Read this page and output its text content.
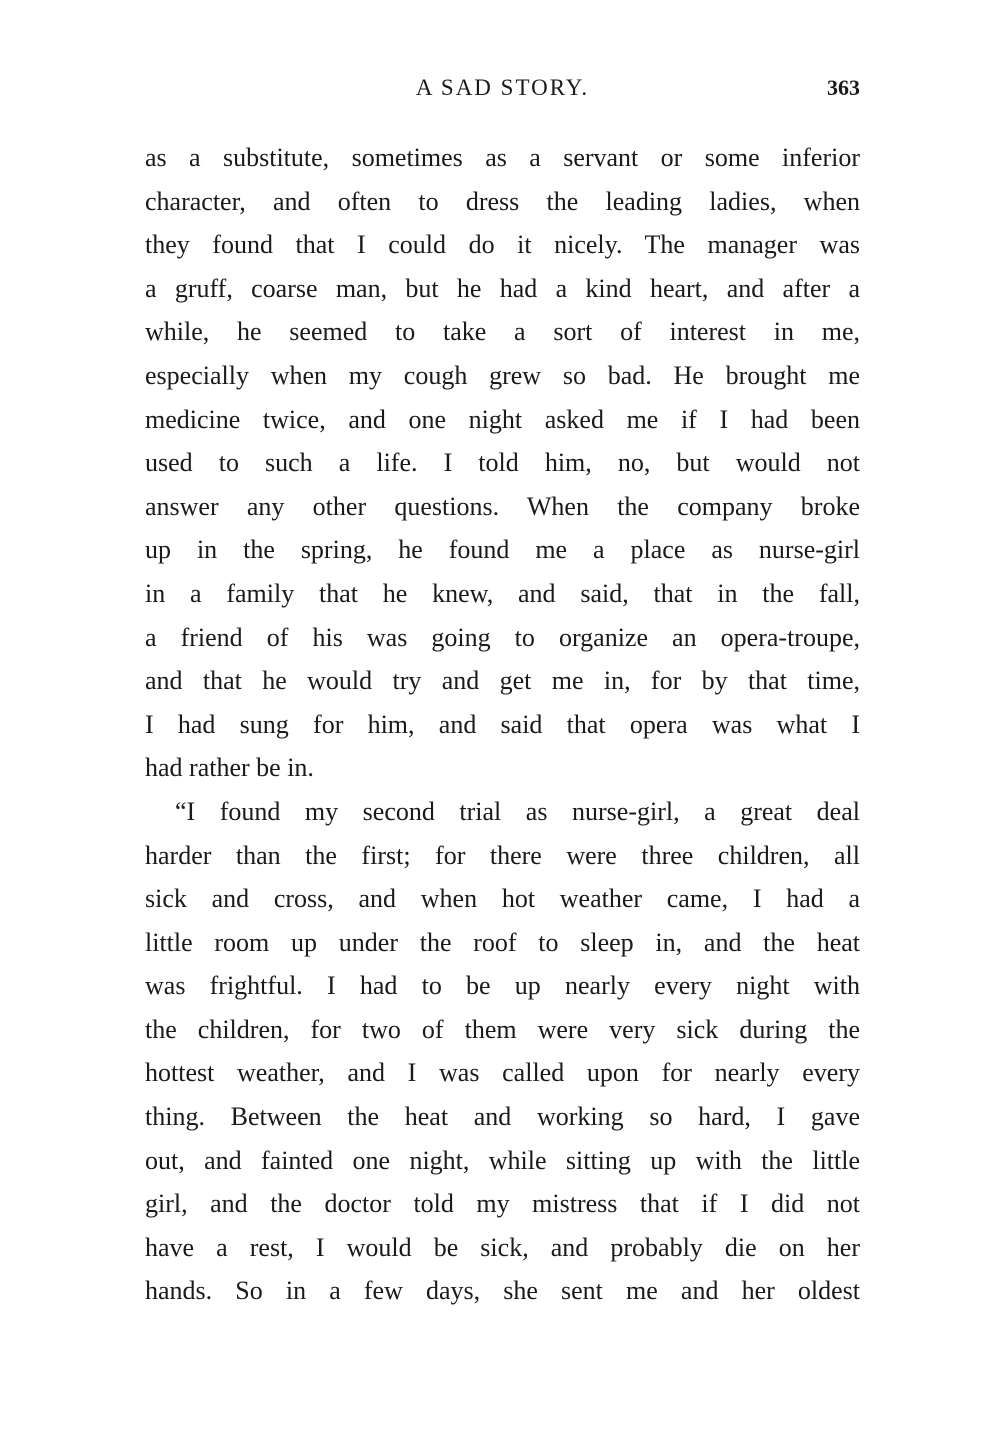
A SAD STORY.	363
as a substitute, sometimes as a servant or some inferior
character, and often to dress the leading ladies, when
they found that I could do it nicely. The manager was
a gruff, coarse man, but he had a kind heart, and after a
while, he seemed to take a sort of interest in me,
especially when my cough grew so bad. He brought me
medicine twice, and one night asked me if I had been
used to such a life. I told him, no, but would not
answer any other questions. When the company broke
up in the spring, he found me a place as nurse-girl
in a family that he knew, and said, that in the fall,
a friend of his was going to organize an opera-troupe,
and that he would try and get me in, for by that time,
I had sung for him, and said that opera was what I
had rather be in.
“I found my second trial as nurse-girl, a great deal
harder than the first; for there were three children, all
sick and cross, and when hot weather came, I had a
little room up under the roof to sleep in, and the heat
was frightful. I had to be up nearly every night with
the children, for two of them were very sick during the
hottest weather, and I was called upon for nearly every
thing. Between the heat and working so hard, I gave
out, and fainted one night, while sitting up with the little
girl, and the doctor told my mistress that if I did not
have a rest, I would be sick, and probably die on her
hands. So in a few days, she sent me and her oldest
